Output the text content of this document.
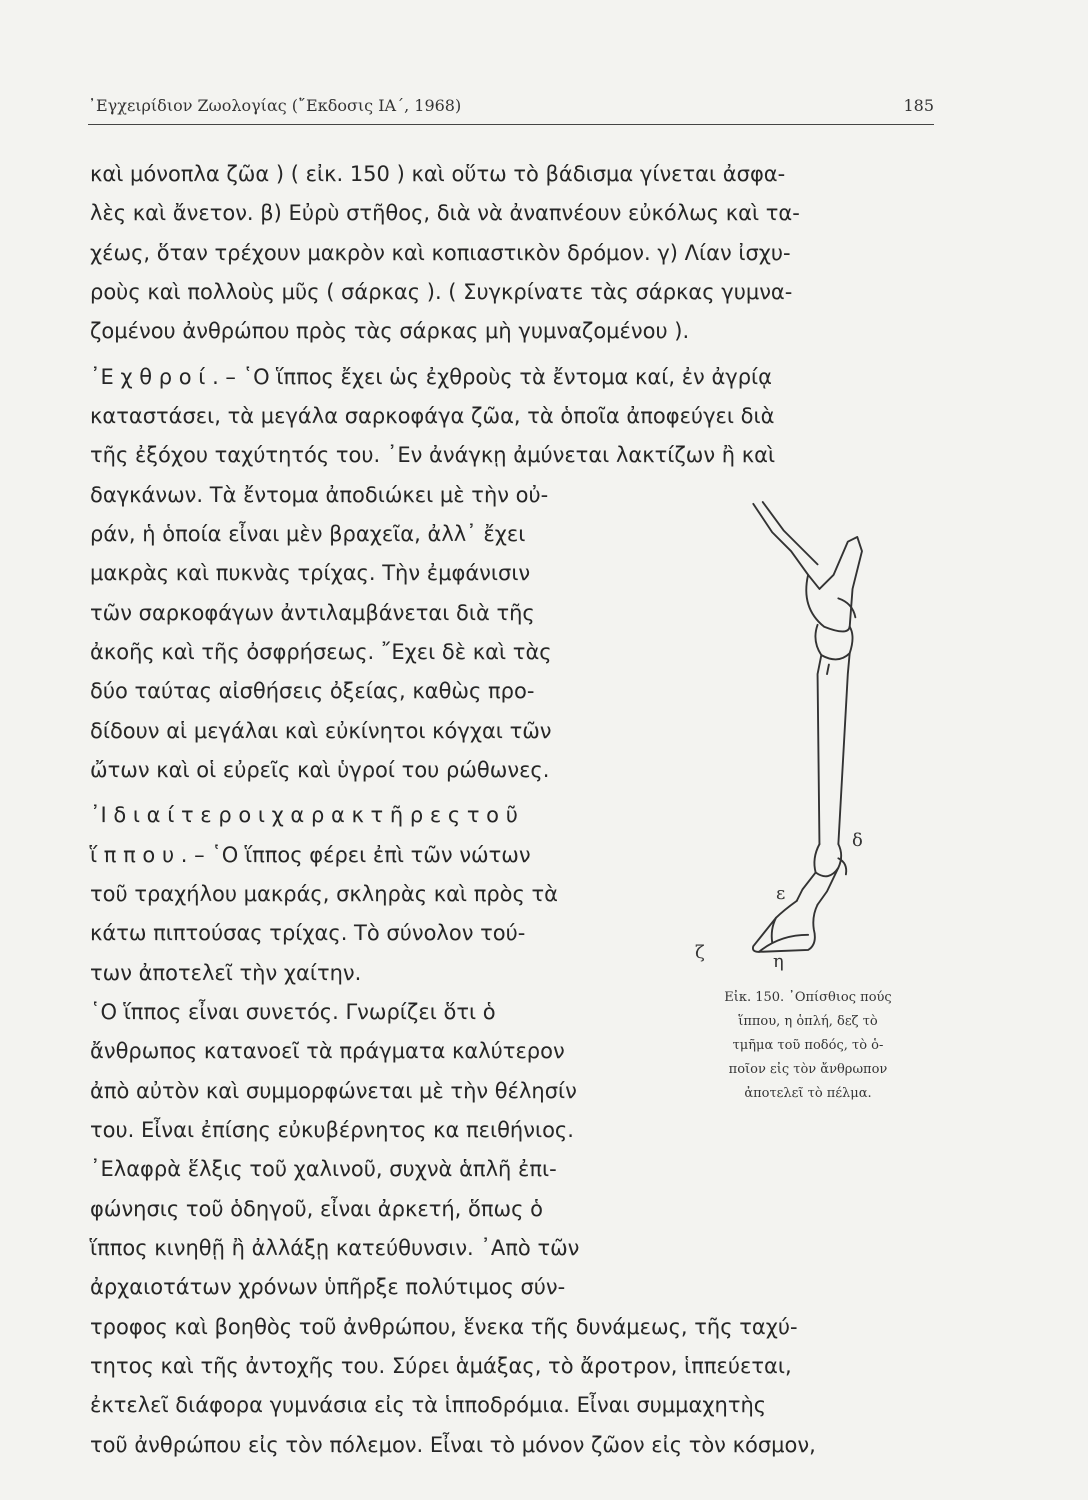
᾿Εγχειρίδιον Ζωολογίας (῎Εκδοσις ΙΑ΄, 1968)	185
καὶ μόνοπλα ζῶα ) ( εἰκ. 150 ) καὶ οὕτω τὸ βάδισμα γίνεται ἀσφα-
λὲς καὶ ἄνετον. β) Εὐρὺ στῆθος, διὰ νὰ ἀναπνέουν εὐκόλως καὶ τα-
χέως, ὅταν τρέχουν μακρὸν καὶ κοπιαστικὸν δρόμον. γ) Λίαν ἰσχυ-
ροὺς καὶ πολλοὺς μῦς ( σάρκας ). ( Συγκρίνατε τὰς σάρκας γυμνα-
ζομένου ἀνθρώπου πρὸς τὰς σάρκας μὴ γυμναζομένου ).
᾿Ε χ θ ρ ο ί . – ῾Ο ἵππος ἔχει ὡς ἐχθροὺς τὰ ἔντομα καί, ἐν ἀγρίᾳ
καταστάσει, τὰ μεγάλα σαρκοφάγα ζῶα, τὰ ὁποῖα ἀποφεύγει διὰ
τῆς ἐξόχου ταχύτητός του. ᾿Εν ἀνάγκῃ ἀμύνεται λακτίζων ἢ καὶ
δαγκάνων. Τὰ ἔντομα ἀποδιώκει μὲ τὴν οὐ-
ράν, ἡ ὁποία εἶναι μὲν βραχεῖα, ἀλλ᾿ ἔχει
μακρὰς καὶ πυκνὰς τρίχας. Τὴν ἐμφάνισιν
τῶν σαρκοφάγων ἀντιλαμβάνεται διὰ τῆς
ἀκοῆς καὶ τῆς ὀσφρήσεως. ῎Εχει δὲ καὶ τὰς
δύο ταύτας αἰσθήσεις ὀξείας, καθὼς προ-
δίδουν αἱ μεγάλαι καὶ εὐκίνητοι κόγχαι τῶν
ὤτων καὶ οἱ εὐρεῖς καὶ ὑγροί του ρώθωνες.
᾿Ι δ ι α ί τ ε ρ ο ι χ α ρ α κ τ ῆ ρ ε ς τ ο ῦ
ἵ π π ο υ . – ῾Ο ἵππος φέρει ἐπὶ τῶν νώτων
τοῦ τραχήλου μακράς, σκληρὰς καὶ πρὸς τὰ
κάτω πιπτούσας τρίχας. Τὸ σύνολον τού-
των ἀποτελεῖ τὴν χαίτην.
῾Ο ἵππος εἶναι συνετός. Γνωρίζει ὅτι ὁ
ἄνθρωπος κατανοεῖ τὰ πράγματα καλύτερον
ἀπὸ αὐτὸν καὶ συμμορφώνεται μὲ τὴν θέλησίν
του. Εἶναι ἐπίσης εὐκυβέρνητος κα πειθήνιος.
᾿Ελαφρὰ ἕλξις τοῦ χαλινοῦ, συχνὰ ἁπλῆ ἐπι-
φώνησις τοῦ ὁδηγοῦ, εἶναι ἀρκετή, ὅπως ὁ
ἵππος κινηθῇ ἢ ἀλλάξῃ κατεύθυνσιν. ᾿Απὸ τῶν
ἀρχαιοτάτων χρόνων ὑπῆρξε πολύτιμος σύν-
τροφος καὶ βοηθὸς τοῦ ἀνθρώπου, ἕνεκα τῆς δυνάμεως, τῆς ταχύ-
τητος καὶ τῆς ἀντοχῆς του. Σύρει ἁμάξας, τὸ ἄροτρον, ἱππεύεται,
ἐκτελεῖ διάφορα γυμνάσια εἰς τὰ ἱπποδρόμια. Εἶναι συμμαχητὴς
τοῦ ἀνθρώπου εἰς τὸν πόλεμον. Εἶναι τὸ μόνον ζῶον εἰς τὸν κόσμον,
δ
ε
ζ	η
Εἰκ. 150. ᾿Οπίσθιος πούς
ἵππου, η ὁπλή, δεζ τὸ
τμῆμα τοῦ ποδός, τὸ ὁ-
ποῖον εἰς τὸν ἄνθρωπον
ἀποτελεῖ τὸ πέλμα.
